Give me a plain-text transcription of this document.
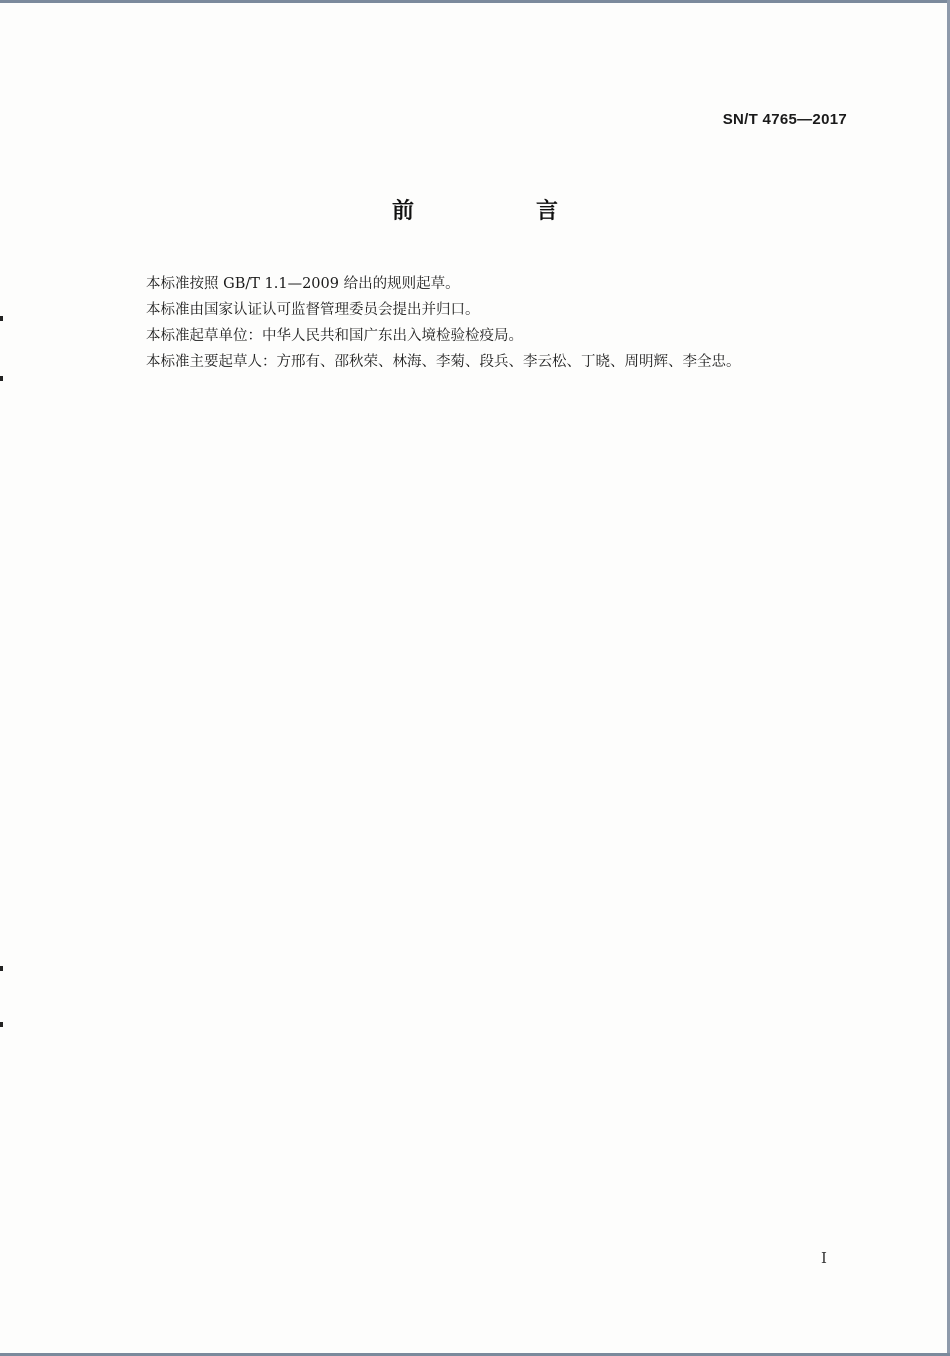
SN/T 4765—2017
前　言
本标准按照 GB/T 1.1—2009 给出的规则起草。
本标准由国家认证认可监督管理委员会提出并归口。
本标准起草单位：中华人民共和国广东出入境检验检疫局。
本标准主要起草人：方邢有、邵秋荣、林海、李菊、段兵、李云松、丁晓、周明辉、李全忠。
I
